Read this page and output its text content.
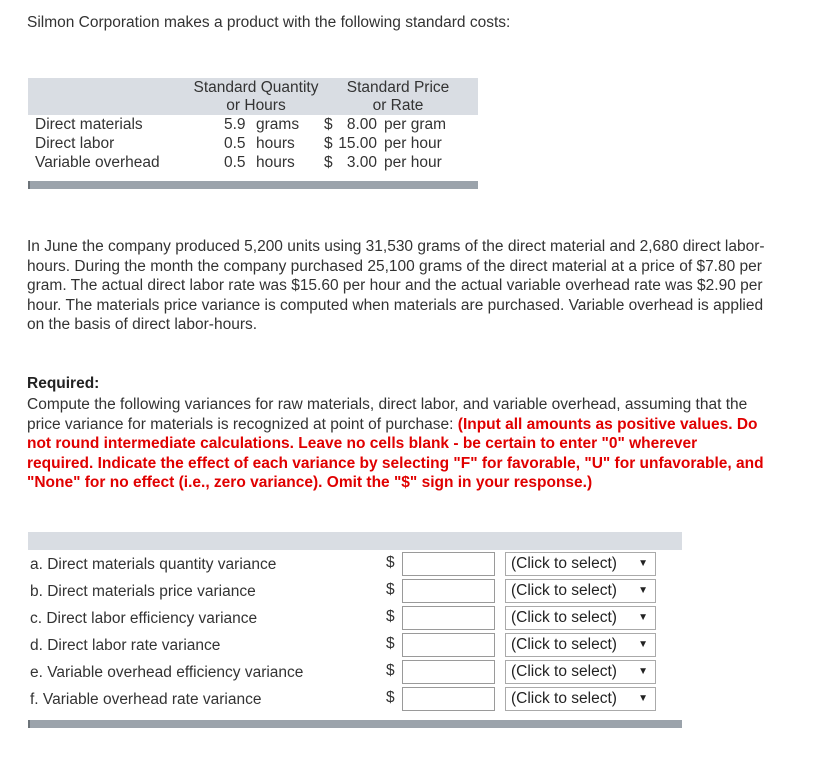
Silmon Corporation makes a product with the following standard costs:

Standard Quantity
or Hours
Standard Price
or Rate
Direct materials	5.9 grams $ 8.00 per gram
Direct labor	0.5 hours $ 15.00 per hour
Variable overhead	0.5 hours $ 3.00 per hour
In June the company produced 5,200 units using 31,530 grams of the direct material and 2,680 direct labor-
hours. During the month the company purchased 25,100 grams of the direct material at a price of $7.80 per
gram. The actual direct labor rate was $15.60 per hour and the actual variable overhead rate was $2.90 per
hour. The materials price variance is computed when materials are purchased. Variable overhead is applied
on the basis of direct labor-hours.
Required:
Compute the following variances for raw materials, direct labor, and variable overhead, assuming that the
price variance for materials is recognized at point of purchase: (Input all amounts as positive values. Do
not round intermediate calculations. Leave no cells blank - be certain to enter "0" wherever
required. Indicate the effect of each variance by selecting "F" for favorable, "U" for unfavorable, and
"None" for no effect (i.e., zero variance). Omit the "$" sign in your response.)
a. Direct materials quantity variance	$	(Click to select) ▼
b. Direct materials price variance	$	(Click to select) ▼
c. Direct labor efficiency variance	$	(Click to select) ▼
d. Direct labor rate variance	$	(Click to select) ▼
e. Variable overhead efficiency variance	$	(Click to select) ▼
f. Variable overhead rate variance	$	(Click to select) ▼
